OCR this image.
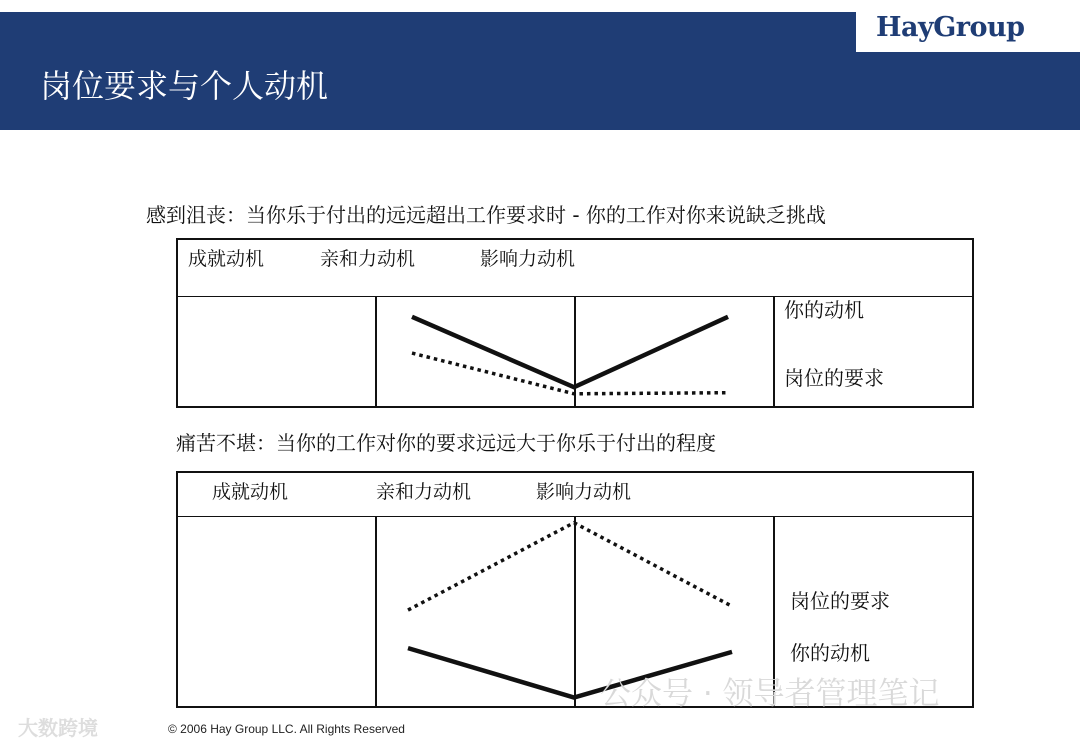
HayGroup
岗位要求与个人动机
感到沮丧：当你乐于付出的远远超出工作要求时 - 你的工作对你来说缺乏挑战
成就动机	亲和力动机	影响力动机
你的动机
岗位的要求
痛苦不堪：当你的工作对你的要求远远大于你乐于付出的程度
成就动机	亲和力动机	影响力动机
岗位的要求
你的动机
© 2006 Hay Group LLC. All Rights Reserved
大数跨境
公众号 · 领导者管理笔记
